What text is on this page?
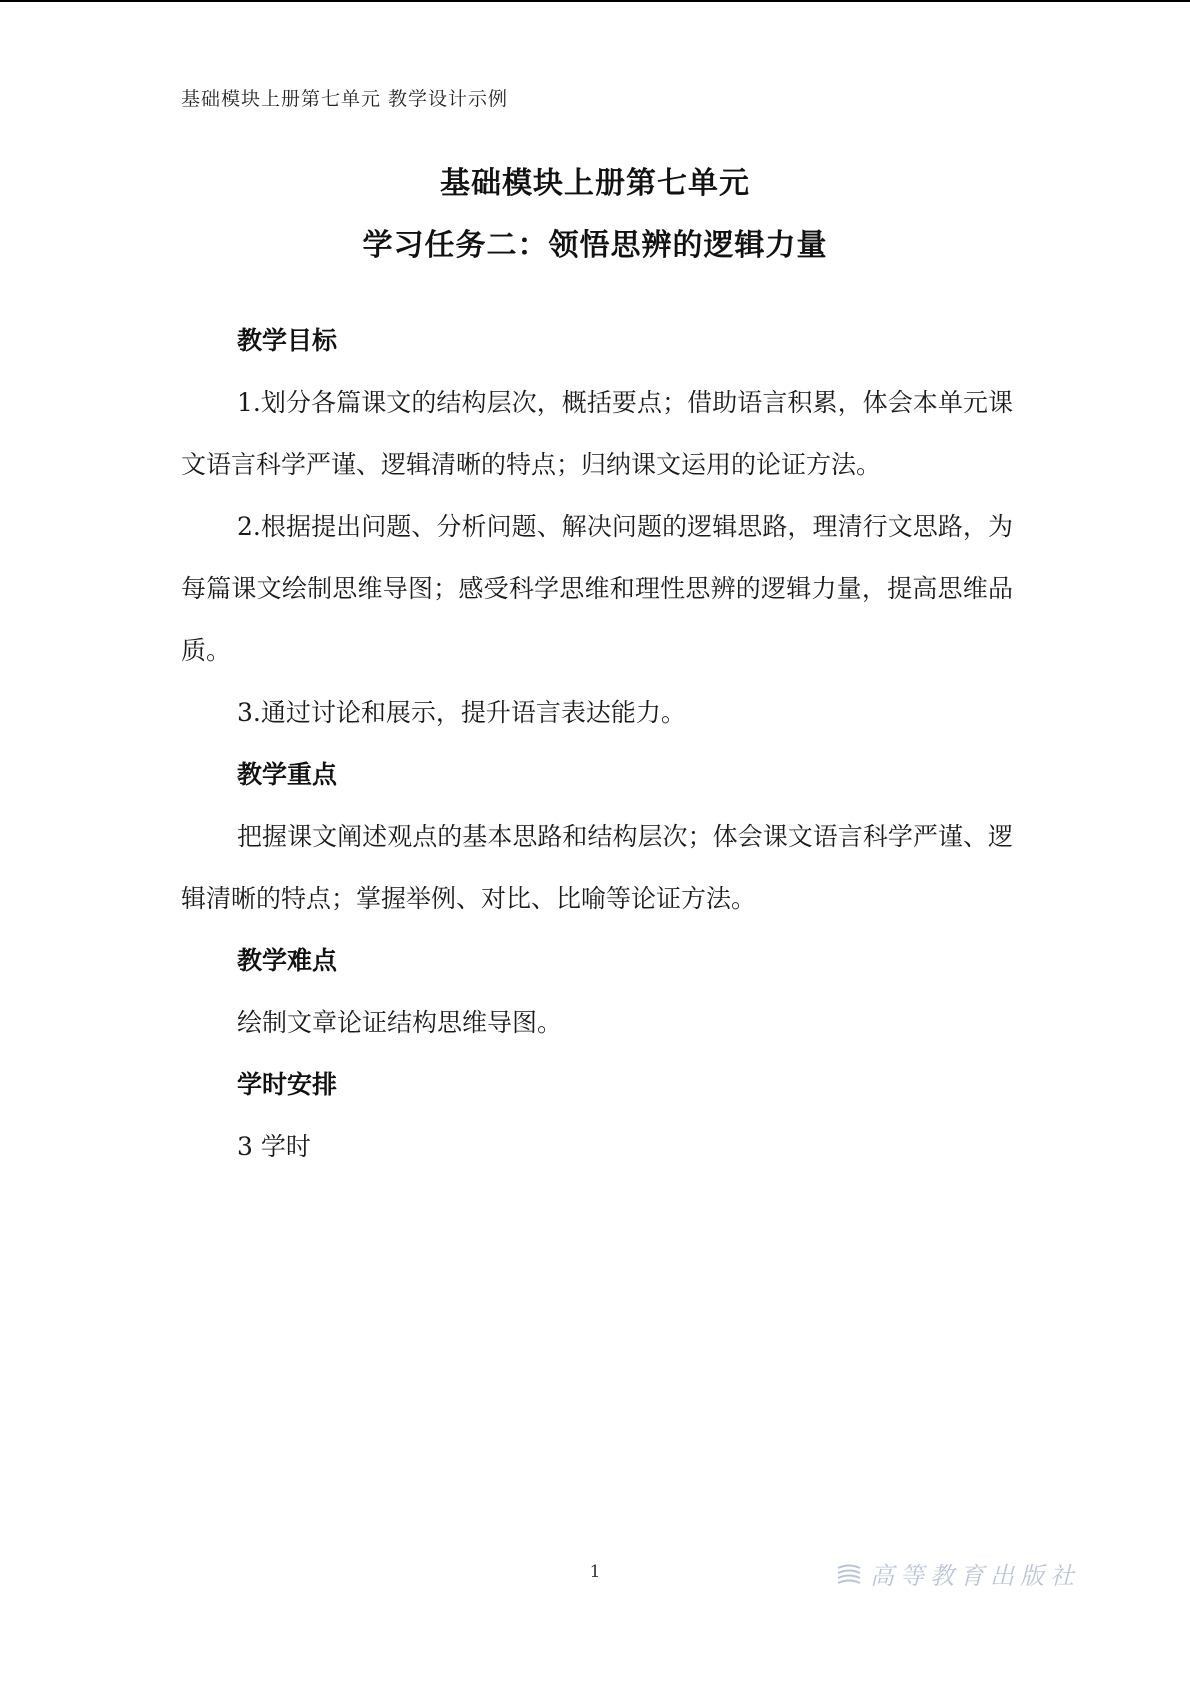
基础模块上册第七单元 教学设计示例
基础模块上册第七单元
学习任务二：领悟思辨的逻辑力量
教学目标

1.划分各篇课文的结构层次，概括要点；借助语言积累，体会本单元课文语言科学严谨、逻辑清晰的特点；归纳课文运用的论证方法。

2.根据提出问题、分析问题、解决问题的逻辑思路，理清行文思路，为每篇课文绘制思维导图；感受科学思维和理性思辨的逻辑力量，提高思维品质。

3.通过讨论和展示，提升语言表达能力。

教学重点

把握课文阐述观点的基本思路和结构层次；体会课文语言科学严谨、逻辑清晰的特点；掌握举例、对比、比喻等论证方法。

教学难点

绘制文章论证结构思维导图。

学时安排

3 学时

1	高等教育出版社
